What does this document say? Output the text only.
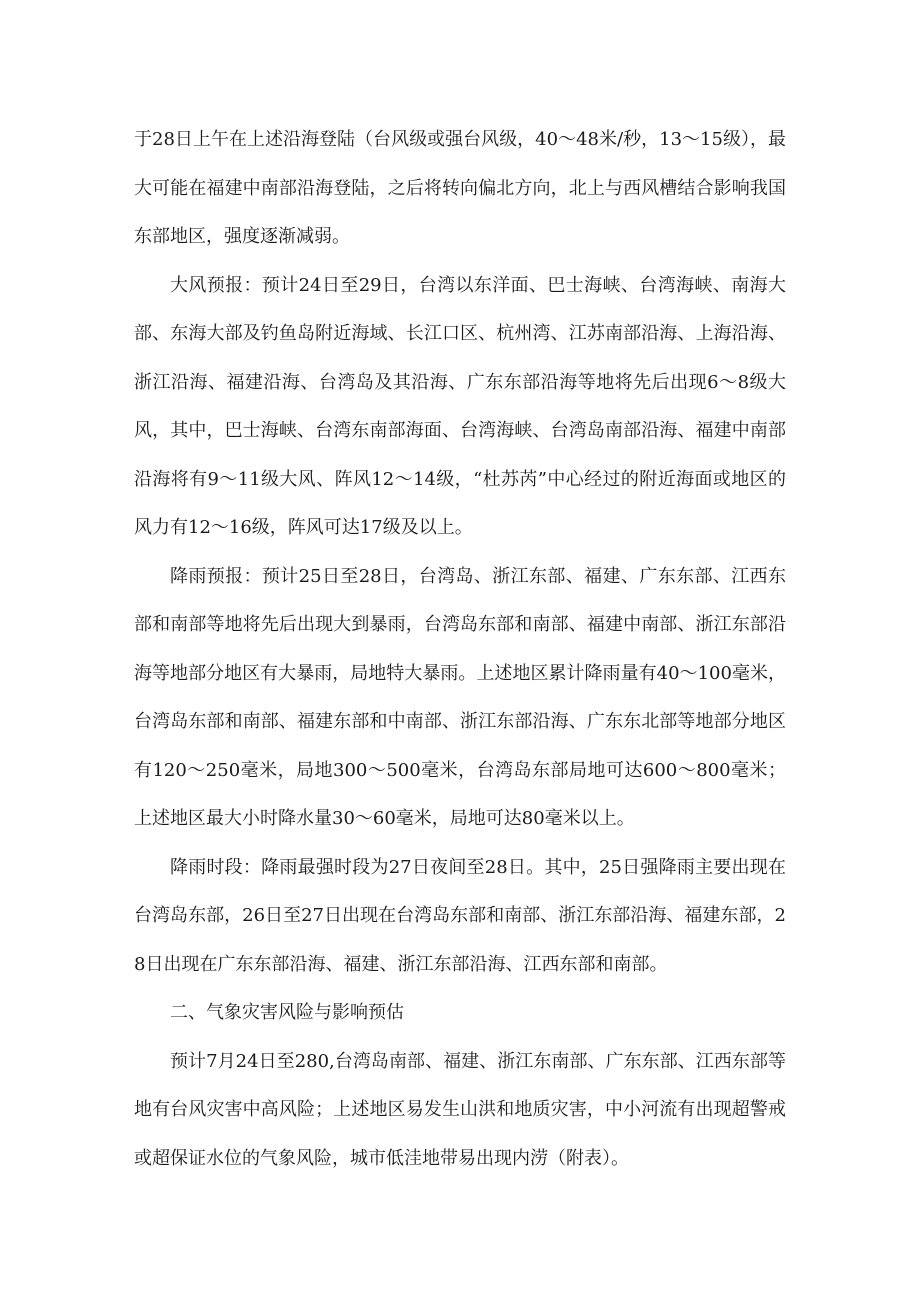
于28日上午在上述沿海登陆（台风级或强台风级，40～48米/秒，13～15级），最大可能在福建中南部沿海登陆，之后将转向偏北方向，北上与西风槽结合影响我国东部地区，强度逐渐减弱。

大风预报：预计24日至29日，台湾以东洋面、巴士海峡、台湾海峡、南海大部、东海大部及钓鱼岛附近海域、长江口区、杭州湾、江苏南部沿海、上海沿海、浙江沿海、福建沿海、台湾岛及其沿海、广东东部沿海等地将先后出现6～8级大风，其中，巴士海峡、台湾东南部海面、台湾海峡、台湾岛南部沿海、福建中南部沿海将有9～11级大风、阵风12～14级，“杜苏芮”中心经过的附近海面或地区的风力有12～16级，阵风可达17级及以上。

降雨预报：预计25日至28日，台湾岛、浙江东部、福建、广东东部、江西东部和南部等地将先后出现大到暴雨，台湾岛东部和南部、福建中南部、浙江东部沿海等地部分地区有大暴雨，局地特大暴雨。上述地区累计降雨量有40～100毫米，台湾岛东部和南部、福建东部和中南部、浙江东部沿海、广东东北部等地部分地区有120～250毫米，局地300～500毫米，台湾岛东部局地可达600～800毫米；上述地区最大小时降水量30～60毫米，局地可达80毫米以上。

降雨时段：降雨最强时段为27日夜间至28日。其中，25日强降雨主要出现在台湾岛东部，26日至27日出现在台湾岛东部和南部、浙江东部沿海、福建东部，28日出现在广东东部沿海、福建、浙江东部沿海、江西东部和南部。

二、气象灾害风险与影响预估

预计7月24日至280,台湾岛南部、福建、浙江东南部、广东东部、江西东部等地有台风灾害中高风险；上述地区易发生山洪和地质灾害，中小河流有出现超警戒或超保证水位的气象风险，城市低洼地带易出现内涝（附表）。
